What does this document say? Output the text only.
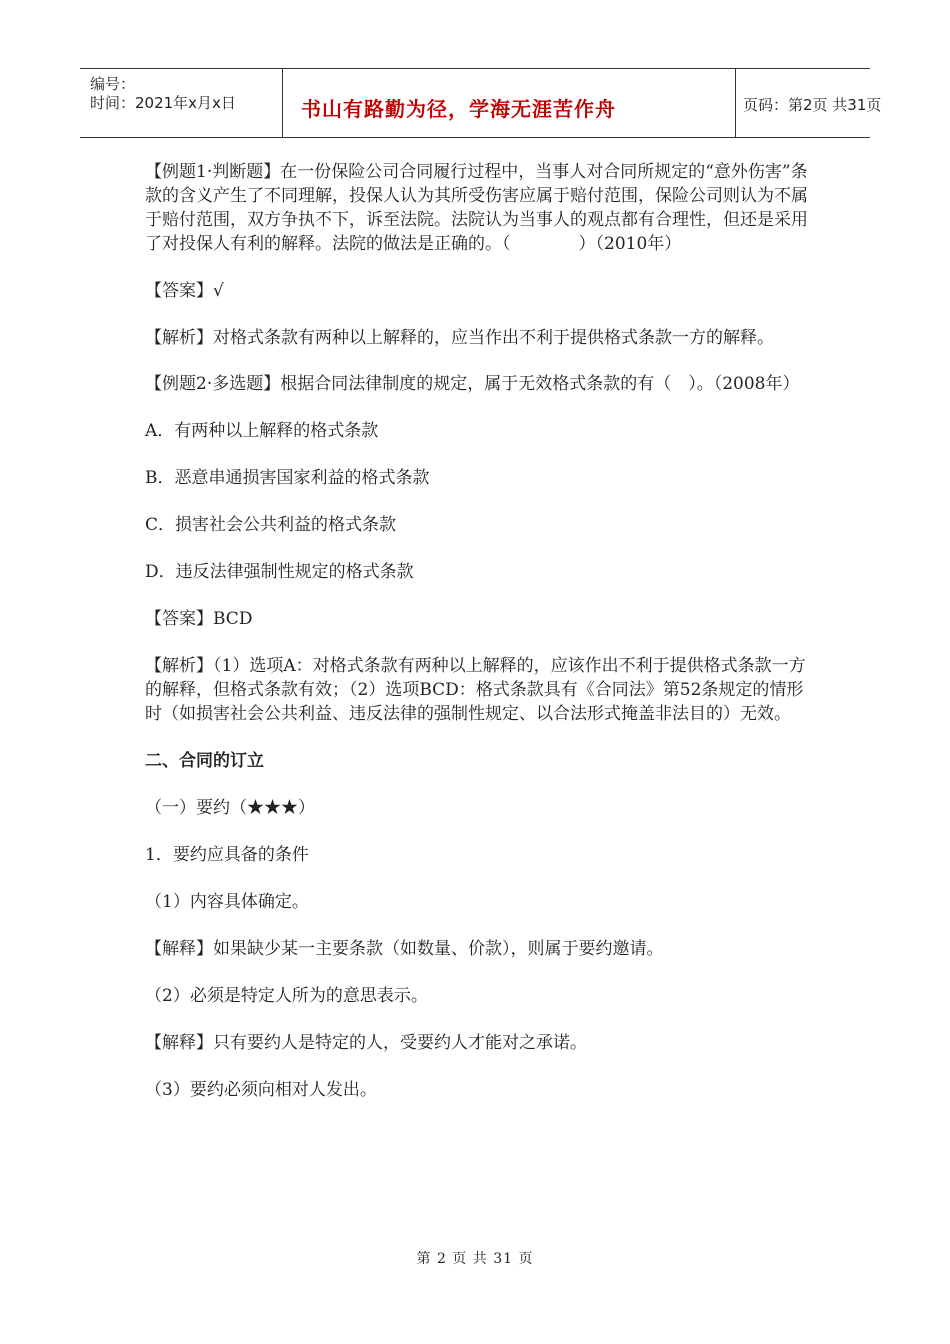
编号：
时间：2021年x月x日	书山有路勤为径，学海无涯苦作舟	页码：第2页 共31页

【例题1·判断题】在一份保险公司合同履行过程中，当事人对合同所规定的“意外伤害”条款的含义产生了不同理解，投保人认为其所受伤害应属于赔付范围，保险公司则认为不属于赔付范围，双方争执不下，诉至法院。法院认为当事人的观点都有合理性，但还是采用了对投保人有利的解释。法院的做法是正确的。（　　　　）（2010年）

【答案】√

【解析】对格式条款有两种以上解释的，应当作出不利于提供格式条款一方的解释。

【例题2·多选题】根据合同法律制度的规定，属于无效格式条款的有（　）。（2008年）

A．有两种以上解释的格式条款

B．恶意串通损害国家利益的格式条款

C．损害社会公共利益的格式条款

D．违反法律强制性规定的格式条款

【答案】BCD

【解析】（1）选项A：对格式条款有两种以上解释的，应该作出不利于提供格式条款一方的解释，但格式条款有效；（2）选项BCD：格式条款具有《合同法》第52条规定的情形时（如损害社会公共利益、违反法律的强制性规定、以合法形式掩盖非法目的）无效。

二、合同的订立

（一）要约（★★★）

1．要约应具备的条件

（1）内容具体确定。

【解释】如果缺少某一主要条款（如数量、价款），则属于要约邀请。

（2）必须是特定人所为的意思表示。

【解释】只有要约人是特定的人，受要约人才能对之承诺。

（3）要约必须向相对人发出。

第 2 页 共 31 页
